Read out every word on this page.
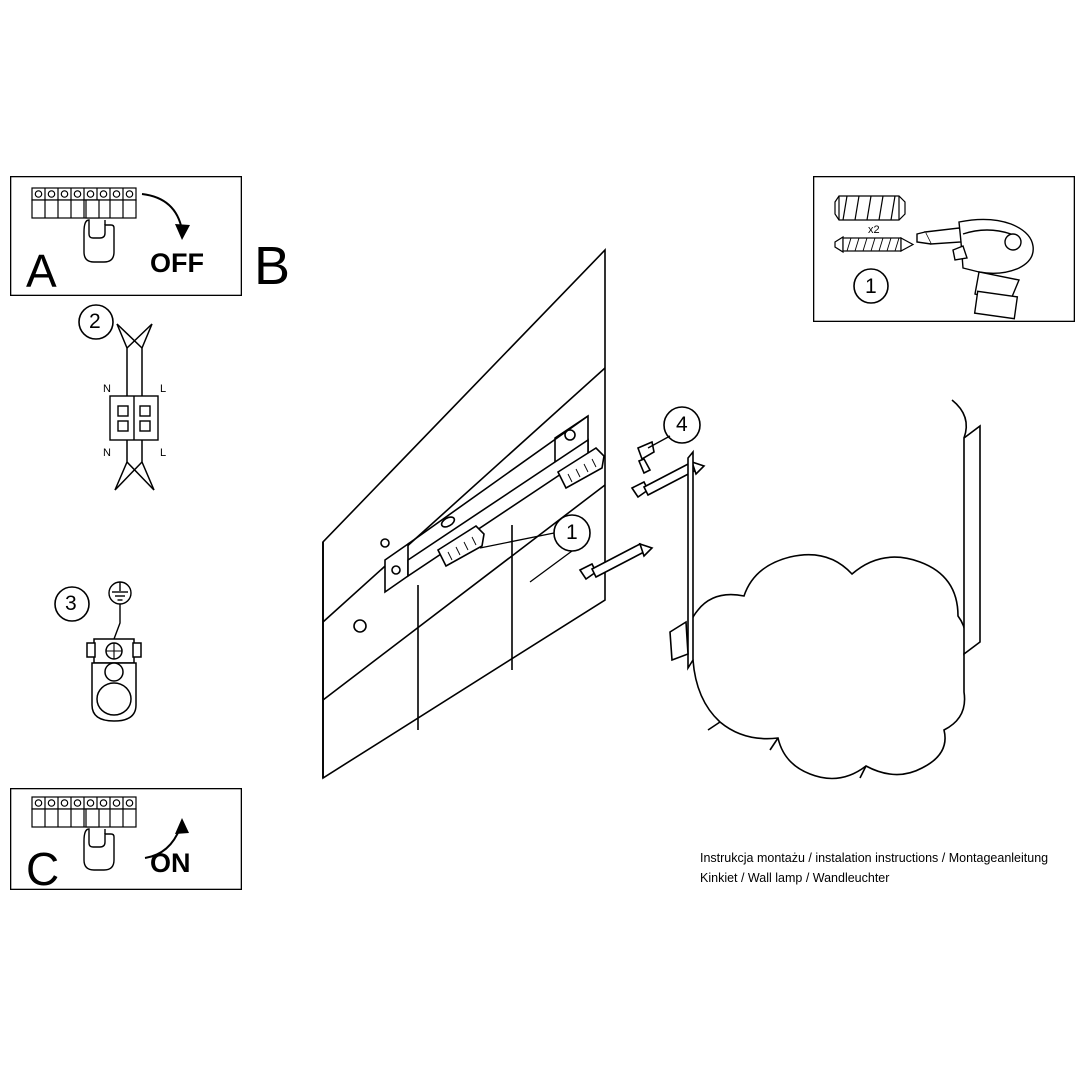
A	OFF
N	L
N	L
2
3
C	ON
x2
1
B
1
4
Instrukcja montażu / instalation instructions / Montageanleitung
Kinkiet / Wall lamp / Wandleuchter
